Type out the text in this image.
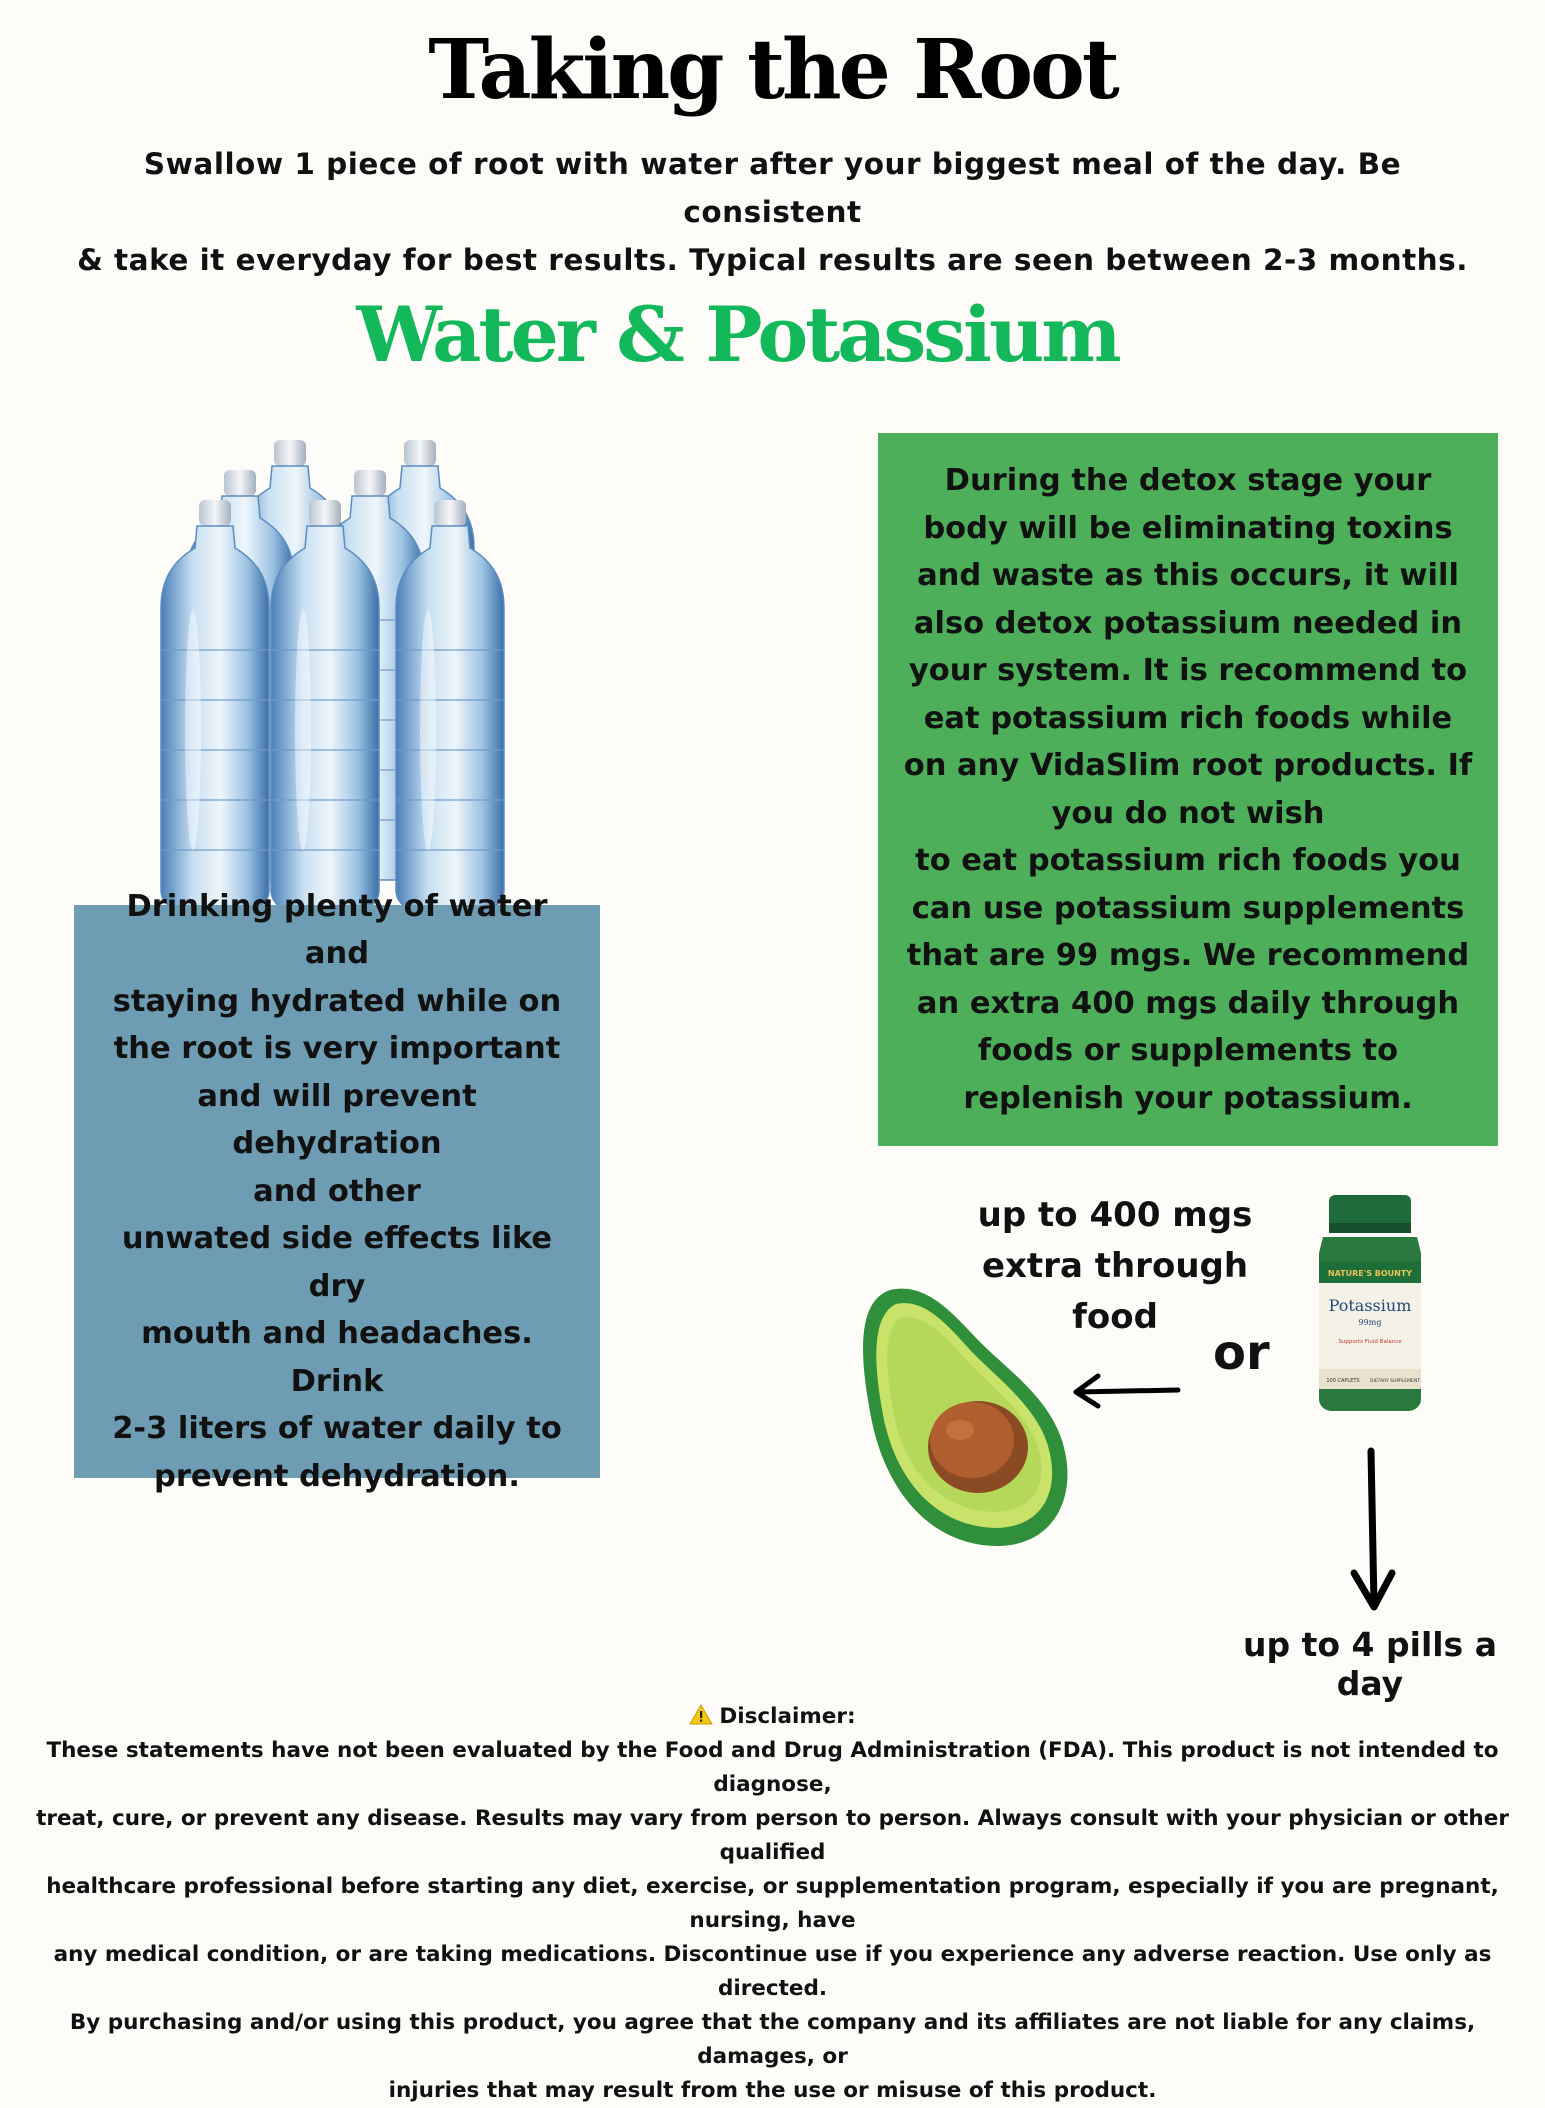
Taking the Root
Swallow 1 piece of root with water after your biggest meal of the day. Be consistent
& take it everyday for best results. Typical results are seen between 2-3 months.
Water & Potassium

Drinking plenty of water and
staying hydrated while on
the root is very important
and will prevent dehydration
and other
unwated side effects like dry
mouth and headaches. Drink
2-3 liters of water daily to
prevent dehydration.

During the detox stage your
body will be eliminating toxins
and waste as this occurs, it will
also detox potassium needed in
your system. It is recommend to
eat potassium rich foods while
on any VidaSlim root products. If
you do not wish
to eat potassium rich foods you
can use potassium supplements
that are 99 mgs. We recommend
an extra 400 mgs daily through
foods or supplements to
replenish your potassium.

up to 400 mgs
extra through
food
or
NATURE'S BOUNTY
Potassium
99mg
Supports Fluid Balance
100 CAPLETS DIETARY SUPPLEMENT
up to 4 pills a day
Disclaimer:
These statements have not been evaluated by the Food and Drug Administration (FDA). This product is not intended to diagnose,
treat, cure, or prevent any disease. Results may vary from person to person. Always consult with your physician or other qualified
healthcare professional before starting any diet, exercise, or supplementation program, especially if you are pregnant, nursing, have
any medical condition, or are taking medications. Discontinue use if you experience any adverse reaction. Use only as directed.
By purchasing and/or using this product, you agree that the company and its affiliates are not liable for any claims, damages, or
injuries that may result from the use or misuse of this product.
